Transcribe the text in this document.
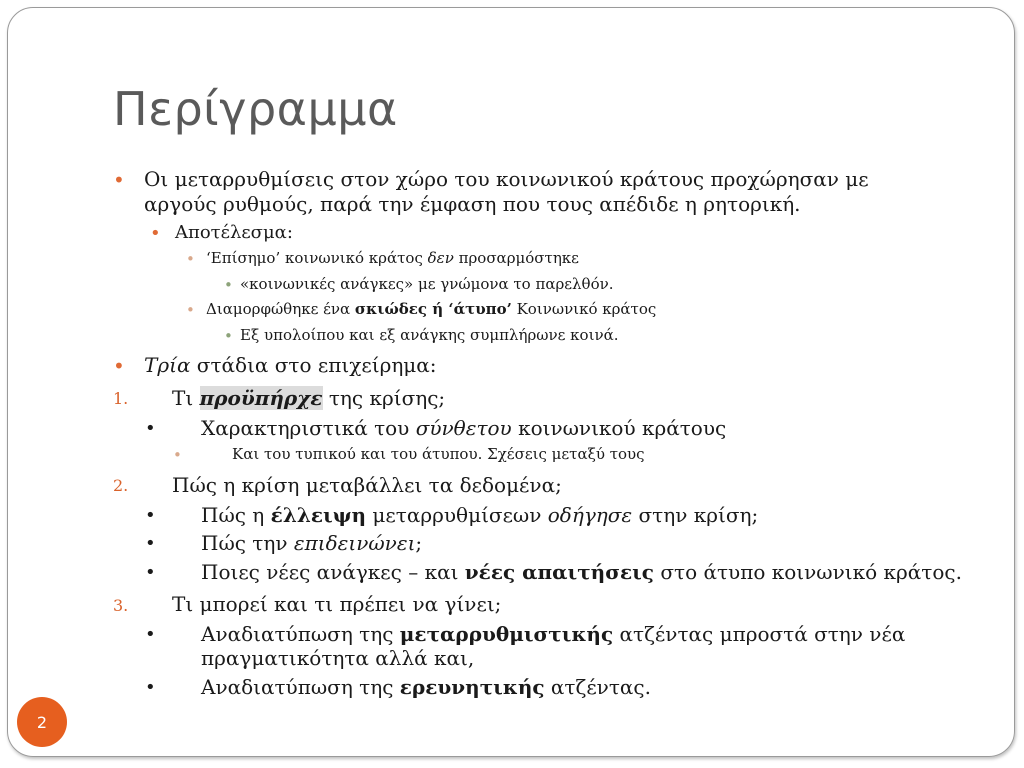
Περίγραμμα
• Οι μεταρρυθμίσεις στον χώρο του κοινωνικού κράτους προχώρησαν με
αργούς ρυθμούς, παρά την έμφαση που τους απέδιδε η ρητορική.
• Αποτέλεσμα:
• ‘Επίσημο’ κοινωνικό κράτος δεν προσαρμόστηκε
• «κοινωνικές ανάγκες» με γνώμονα το παρελθόν.
• Διαμορφώθηκε ένα σκιώδες ή ‘άτυπο’ Κοινωνικό κράτος
• Εξ υπολοίπου και εξ ανάγκης συμπλήρωνε κοινά.
• Τρία στάδια στο επιχείρημα:
1. Τι προϋπήρχε της κρίσης;
• Χαρακτηριστικά του σύνθετου κοινωνικού κράτους
•	Και του τυπικού και του άτυπου. Σχέσεις μεταξύ τους
2. Πώς η κρίση μεταβάλλει τα δεδομένα;
• Πώς η έλλειψη μεταρρυθμίσεων οδήγησε στην κρίση;
• Πώς την επιδεινώνει;
• Ποιες νέες ανάγκες – και νέες απαιτήσεις στο άτυπο κοινωνικό κράτος.
3. Τι μπορεί και τι πρέπει να γίνει;
• Αναδιατύπωση της μεταρρυθμιστικής ατζέντας μπροστά στην νέα
πραγματικότητα αλλά και,
• Αναδιατύπωση της ερευνητικής ατζέντας.
2
